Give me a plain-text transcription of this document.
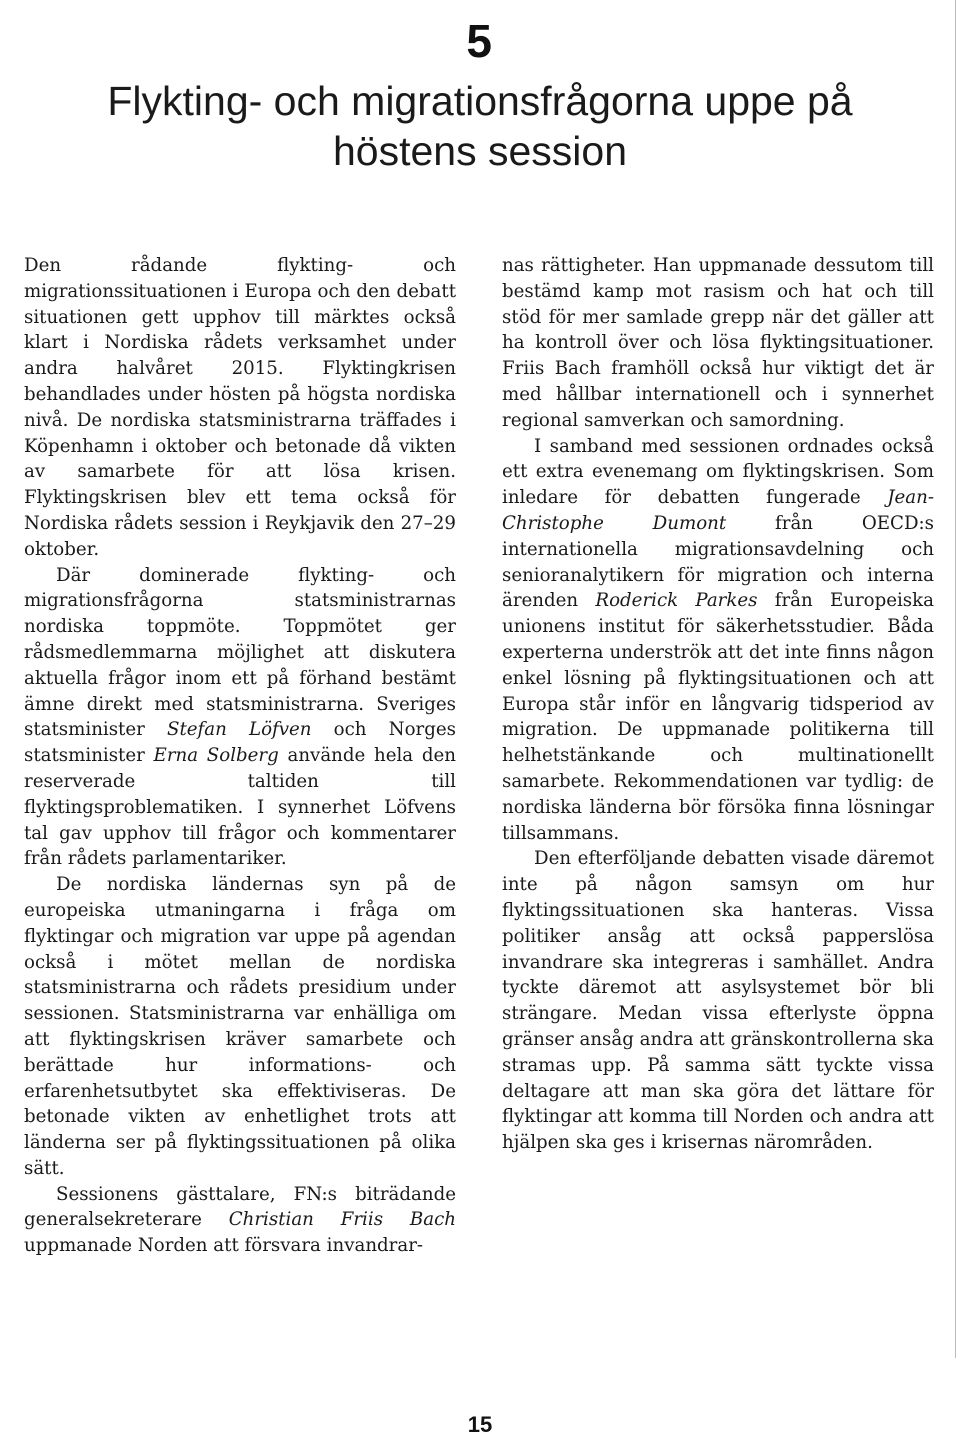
5
Flykting- och migrationsfrågorna uppe på
höstens session

Den rådande flykting- och migrationssituationen i Europa och den debatt situationen gett upphov till märktes också klart i Nordiska rådets verksamhet under andra halvåret 2015. Flyktingkrisen behandlades under hösten på högsta nordiska nivå. De nordiska statsministrarna träffades i Köpenhamn i oktober och betonade då vikten av samarbete för att lösa krisen. Flyktingskrisen blev ett tema också för Nordiska rådets session i Reykjavik den 27–29 oktober.

Där dominerade flykting- och migrationsfrågorna statsministrarnas nordiska toppmöte. Toppmötet ger rådsmedlemmarna möjlighet att diskutera aktuella frågor inom ett på förhand bestämt ämne direkt med statsministrarna. Sveriges statsminister Stefan Löfven och Norges statsminister Erna Solberg använde hela den reserverade taltiden till flyktingsproblematiken. I synnerhet Löfvens tal gav upphov till frågor och kommentarer från rådets parlamentariker.

De nordiska ländernas syn på de europeiska utmaningarna i fråga om flyktingar och migration var uppe på agendan också i mötet mellan de nordiska statsministrarna och rådets presidium under sessionen. Statsministrarna var enhälliga om att flyktingskrisen kräver samarbete och berättade hur informations- och erfarenhetsutbytet ska effektiviseras. De betonade vikten av enhetlighet trots att länderna ser på flyktingssituationen på olika sätt.

Sessionens gästtalare, FN:s biträdande generalsekreterare Christian Friis Bach uppmanade Norden att försvara invandrar-

nas rättigheter. Han uppmanade dessutom till bestämd kamp mot rasism och hat och till stöd för mer samlade grepp när det gäller att ha kontroll över och lösa flyktingsituationer. Friis Bach framhöll också hur viktigt det är med hållbar internationell och i synnerhet regional samverkan och samordning.

I samband med sessionen ordnades också ett extra evenemang om flyktingskrisen. Som inledare för debatten fungerade Jean-Christophe Dumont från OECD:s internationella migrationsavdelning och senioranalytikern för migration och interna ärenden Roderick Parkes från Europeiska unionens institut för säkerhetsstudier. Båda experterna underströk att det inte finns någon enkel lösning på flyktingsituationen och att Europa står inför en långvarig tidsperiod av migration. De uppmanade politikerna till helhetstänkande och multinationellt samarbete. Rekommendationen var tydlig: de nordiska länderna bör försöka finna lösningar tillsammans.

Den efterföljande debatten visade däremot inte på någon samsyn om hur flyktingssituationen ska hanteras. Vissa politiker ansåg att också papperslösa invandrare ska integreras i samhället. Andra tyckte däremot att asylsystemet bör bli strängare. Medan vissa efterlyste öppna gränser ansåg andra att gränskontrollerna ska stramas upp. På samma sätt tyckte vissa deltagare att man ska göra det lättare för flyktingar att komma till Norden och andra att hjälpen ska ges i krisernas närområden.

15
